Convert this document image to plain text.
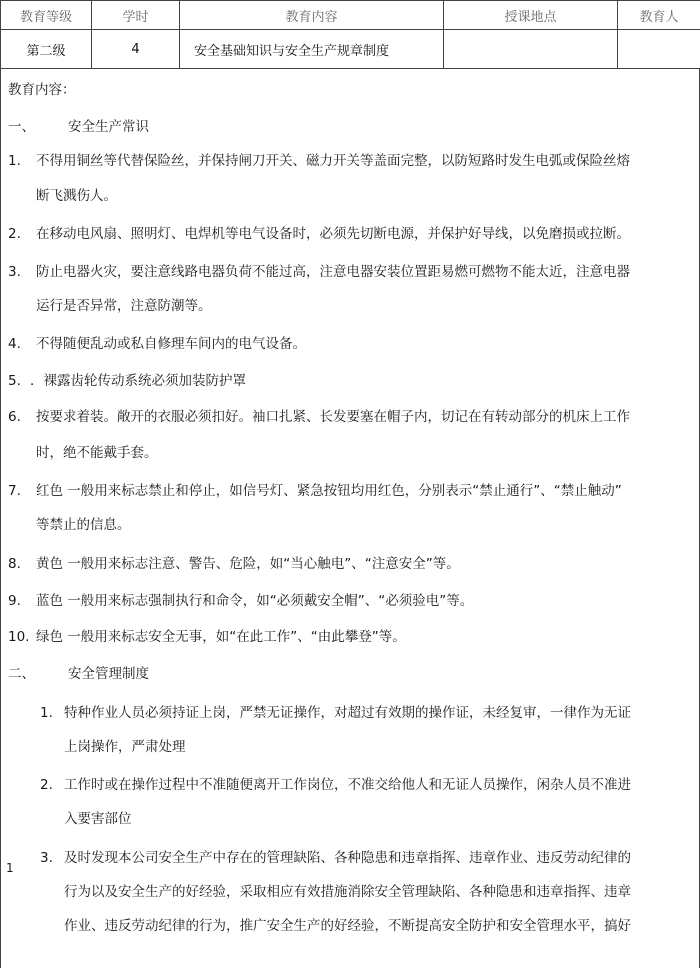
教育等级	学时	教育内容	授课地点	教育人
第二级	4	安全基础知识与安全生产规章制度		
教育内容：
一、 安全生产常识
1. 不得用铜丝等代替保险丝，并保持闸刀开关、磁力开关等盖面完整，以防短路时发生电弧或保险丝熔
断飞溅伤人。
2. 在移动电风扇、照明灯、电焊机等电气设备时，必须先切断电源，并保护好导线，以免磨损或拉断。
3. 防止电器火灾，要注意线路电器负荷不能过高，注意电器安装位置距易燃可燃物不能太近，注意电器
运行是否异常，注意防潮等。
4. 不得随便乱动或私自修理车间内的电气设备。
5. ．裸露齿轮传动系统必须加装防护罩
6. 按要求着装。敞开的衣服必须扣好。袖口扎紧、长发要塞在帽子内，切记在有转动部分的机床上工作
时，绝不能戴手套。
7. 红色 一般用来标志禁止和停止，如信号灯、紧急按钮均用红色，分别表示“禁止通行”、“禁止触动”
等禁止的信息。
8. 黄色 一般用来标志注意、警告、危险，如“当心触电”、“注意安全”等。
9. 蓝色 一般用来标志强制执行和命令，如“必须戴安全帽”、“必须验电”等。
10. 绿色 一般用来标志安全无事，如“在此工作”、“由此攀登”等。
二、 安全管理制度
1. 特种作业人员必须持证上岗，严禁无证操作，对超过有效期的操作证，未经复审，一律作为无证
上岗操作，严肃处理
2. 工作时或在操作过程中不准随便离开工作岗位，不准交给他人和无证人员操作，闲杂人员不准进
入要害部位
3. 及时发现本公司安全生产中存在的管理缺陷、各种隐患和违章指挥、违章作业、违反劳动纪律的
行为以及安全生产的好经验，采取相应有效措施消除安全管理缺陷、各种隐患和违章指挥、违章
作业、违反劳动纪律的行为，推广安全生产的好经验，不断提高安全防护和安全管理水平，搞好
1
